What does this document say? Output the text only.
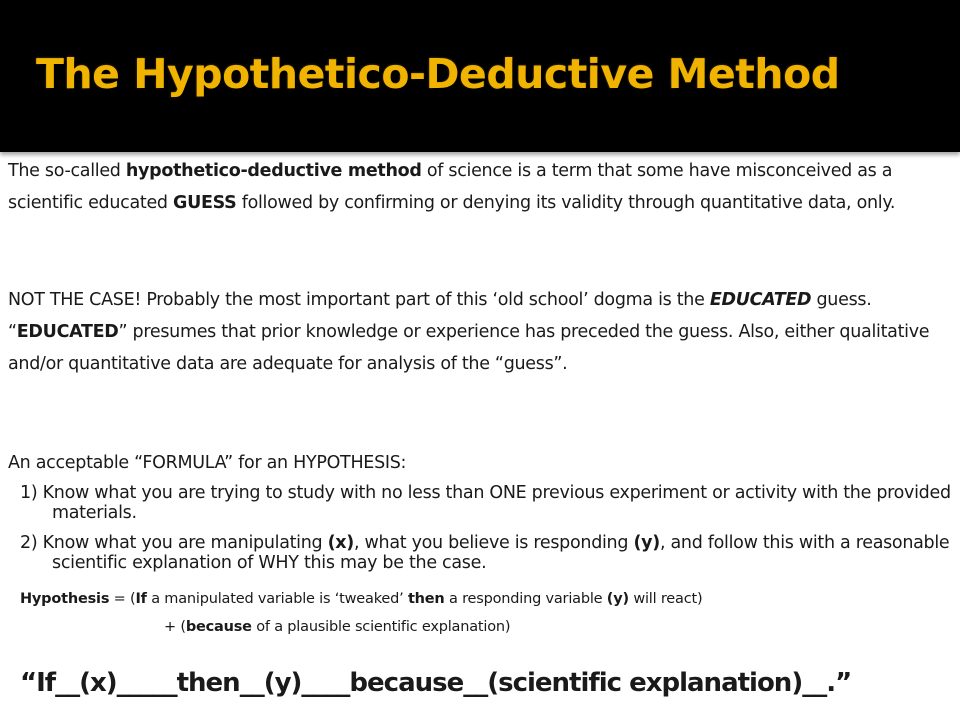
The Hypothetico-Deductive Method

The so-called hypothetico-deductive method of science is a term that some have misconceived as a scientific educated GUESS followed by confirming or denying its validity through quantitative data, only.

NOT THE CASE! Probably the most important part of this ‘old school’ dogma is the EDUCATED guess. “EDUCATED” presumes that prior knowledge or experience has preceded the guess. Also, either qualitative and/or quantitative data are adequate for analysis of the “guess”.

An acceptable “FORMULA” for an HYPOTHESIS:

1) Know what you are trying to study with no less than ONE previous experiment or activity with the provided materials.

2) Know what you are manipulating (x), what you believe is responding (y), and follow this with a reasonable scientific explanation of WHY this may be the case.

Hypothesis = (If a manipulated variable is ‘tweaked’ then a responding variable (y) will react)

+ (because of a plausible scientific explanation)

“If__(x)_____then__(y)____because__(scientific explanation)__.”
